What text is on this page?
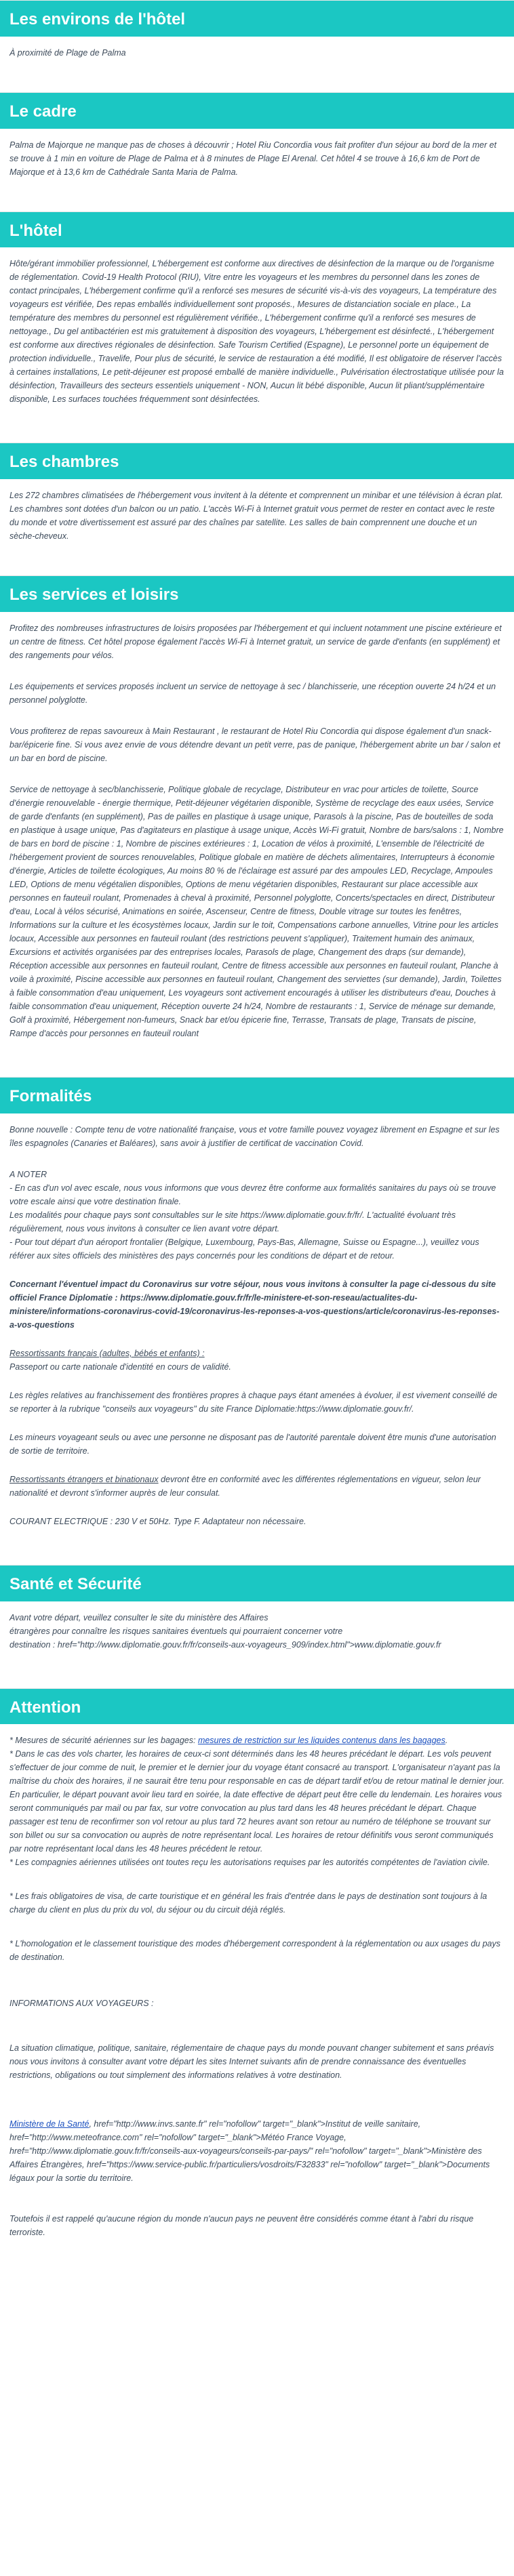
Les environs de l'hôtel

À proximité de Plage de Palma

Le cadre

Palma de Majorque ne manque pas de choses à découvrir ; Hotel Riu Concordia vous fait profiter d'un séjour au bord de la mer et se trouve à 1 min en voiture de Plage de Palma et à 8 minutes de Plage El Arenal. Cet hôtel 4 se trouve à 16,6 km de Port de Majorque et à 13,6 km de Cathédrale Santa Maria de Palma.

L'hôtel

Hôte/gérant immobilier professionnel, L'hébergement est conforme aux directives de désinfection de la marque ou de l'organisme de réglementation. Covid-19 Health Protocol (RIU), Vitre entre les voyageurs et les membres du personnel dans les zones de contact principales, L'hébergement confirme qu'il a renforcé ses mesures de sécurité vis-à-vis des voyageurs, La température des voyageurs est vérifiée, Des repas emballés individuellement sont proposés., Mesures de distanciation sociale en place., La température des membres du personnel est régulièrement vérifiée., L'hébergement confirme qu'il a renforcé ses mesures de nettoyage., Du gel antibactérien est mis gratuitement à disposition des voyageurs, L'hébergement est désinfecté., L'hébergement est conforme aux directives régionales de désinfection. Safe Tourism Certified (Espagne), Le personnel porte un équipement de protection individuelle., Travelife, Pour plus de sécurité, le service de restauration a été modifié, Il est obligatoire de réserver l'accès à certaines installations, Le petit-déjeuner est proposé emballé de manière individuelle., Pulvérisation électrostatique utilisée pour la désinfection, Travailleurs des secteurs essentiels uniquement - NON, Aucun lit bébé disponible, Aucun lit pliant/supplémentaire disponible, Les surfaces touchées fréquemment sont désinfectées.

Les chambres

Les 272 chambres climatisées de l'hébergement vous invitent à la détente et comprennent un minibar et une télévision à écran plat. Les chambres sont dotées d'un balcon ou un patio. L'accès Wi-Fi à Internet gratuit vous permet de rester en contact avec le reste du monde et votre divertissement est assuré par des chaînes par satellite. Les salles de bain comprennent une douche et un sèche-cheveux.

Les services et loisirs

Profitez des nombreuses infrastructures de loisirs proposées par l'hébergement et qui incluent notamment une piscine extérieure et un centre de fitness. Cet hôtel propose également l'accès Wi-Fi à Internet gratuit, un service de garde d'enfants (en supplément) et des rangements pour vélos.

Les équipements et services proposés incluent un service de nettoyage à sec / blanchisserie, une réception ouverte 24 h/24 et un personnel polyglotte.

Vous profiterez de repas savoureux à Main Restaurant , le restaurant de Hotel Riu Concordia qui dispose également d'un snack-bar/épicerie fine. Si vous avez envie de vous détendre devant un petit verre, pas de panique, l'hébergement abrite un bar / salon et un bar en bord de piscine.

Service de nettoyage à sec/blanchisserie, Politique globale de recyclage, Distributeur en vrac pour articles de toilette, Source d'énergie renouvelable - énergie thermique, Petit-déjeuner végétarien disponible, Système de recyclage des eaux usées, Service de garde d'enfants (en supplément), Pas de pailles en plastique à usage unique, Parasols à la piscine, Pas de bouteilles de soda en plastique à usage unique, Pas d'agitateurs en plastique à usage unique, Accès Wi-Fi gratuit, Nombre de bars/salons : 1, Nombre de bars en bord de piscine : 1, Nombre de piscines extérieures : 1, Location de vélos à proximité, L'ensemble de l'électricité de l'hébergement provient de sources renouvelables, Politique globale en matière de déchets alimentaires, Interrupteurs à économie d'énergie, Articles de toilette écologiques, Au moins 80 % de l'éclairage est assuré par des ampoules LED, Recyclage, Ampoules LED, Options de menu végétalien disponibles, Options de menu végétarien disponibles, Restaurant sur place accessible aux personnes en fauteuil roulant, Promenades à cheval à proximité, Personnel polyglotte, Concerts/spectacles en direct, Distributeur d'eau, Local à vélos sécurisé, Animations en soirée, Ascenseur, Centre de fitness, Double vitrage sur toutes les fenêtres, Informations sur la culture et les écosystèmes locaux, Jardin sur le toit, Compensations carbone annuelles, Vitrine pour les articles locaux, Accessible aux personnes en fauteuil roulant (des restrictions peuvent s'appliquer), Traitement humain des animaux, Excursions et activités organisées par des entreprises locales, Parasols de plage, Changement des draps (sur demande), Réception accessible aux personnes en fauteuil roulant, Centre de fitness accessible aux personnes en fauteuil roulant, Planche à voile à proximité, Piscine accessible aux personnes en fauteuil roulant, Changement des serviettes (sur demande), Jardin, Toilettes à faible consommation d'eau uniquement, Les voyageurs sont activement encouragés à utiliser les distributeurs d'eau, Douches à faible consommation d'eau uniquement, Réception ouverte 24 h/24, Nombre de restaurants : 1, Service de ménage sur demande, Golf à proximité, Hébergement non-fumeurs, Snack bar et/ou épicerie fine, Terrasse, Transats de plage, Transats de piscine, Rampe d'accès pour personnes en fauteuil roulant

Formalités

Bonne nouvelle : Compte tenu de votre nationalité française, vous et votre famille pouvez voyagez librement en Espagne et sur les îles espagnoles (Canaries et Baléares), sans avoir à justifier de certificat de vaccination Covid.

A NOTER

- En cas d'un vol avec escale, nous vous informons que vous devrez être conforme aux formalités sanitaires du pays où se trouve votre escale ainsi que votre destination finale.

Les modalités pour chaque pays sont consultables sur le site https://www.diplomatie.gouv.fr/fr/. L'actualité évoluant très régulièrement, nous vous invitons à consulter ce lien avant votre départ.

- Pour tout départ d'un aéroport frontalier (Belgique, Luxembourg, Pays-Bas, Allemagne, Suisse ou Espagne...), veuillez vous référer aux sites officiels des ministères des pays concernés pour les conditions de départ et de retour.

Concernant l'éventuel impact du Coronavirus sur votre séjour, nous vous invitons à consulter la page ci-dessous du site officiel France Diplomatie : https://www.diplomatie.gouv.fr/fr/le-ministere-et-son-reseau/actualites-du-ministere/informations-coronavirus-covid-19/coronavirus-les-reponses-a-vos-questions/article/coronavirus-les-reponses-a-vos-questions

Ressortissants français (adultes, bébés et enfants) :

Passeport ou carte nationale d'identité en cours de validité.

Les règles relatives au franchissement des frontières propres à chaque pays étant amenées à évoluer, il est vivement conseillé de se reporter à la rubrique "conseils aux voyageurs" du site France Diplomatie:https://www.diplomatie.gouv.fr/.

Les mineurs voyageant seuls ou avec une personne ne disposant pas de l'autorité parentale doivent être munis d'une autorisation de sortie de territoire.

Ressortissants étrangers et binationaux devront être en conformité avec les différentes réglementations en vigueur, selon leur nationalité et devront s'informer auprès de leur consulat.

COURANT ELECTRIQUE : 230 V et 50Hz. Type F. Adaptateur non nécessaire.

Santé et Sécurité

Avant votre départ, veuillez consulter le site du ministère des Affaires

étrangères pour connaître les risques sanitaires éventuels qui pourraient concerner votre

destination : href="http://www.diplomatie.gouv.fr/fr/conseils-aux-voyageurs_909/index.html">www.diplomatie.gouv.fr

Attention

* Mesures de sécurité aériennes sur les bagages: mesures de restriction sur les liquides contenus dans les bagages.

* Dans le cas des vols charter, les horaires de ceux-ci sont déterminés dans les 48 heures précédant le départ. Les vols peuvent s'effectuer de jour comme de nuit, le premier et le dernier jour du voyage étant consacré au transport. L'organisateur n'ayant pas la maîtrise du choix des horaires, il ne saurait être tenu pour responsable en cas de départ tardif et/ou de retour matinal le dernier jour. En particulier, le départ pouvant avoir lieu tard en soirée, la date effective de départ peut être celle du lendemain. Les horaires vous seront communiqués par mail ou par fax, sur votre convocation au plus tard dans les 48 heures précédant le départ. Chaque passager est tenu de reconfirmer son vol retour au plus tard 72 heures avant son retour au numéro de téléphone se trouvant sur son billet ou sur sa convocation ou auprès de notre représentant local. Les horaires de retour définitifs vous seront communiqués par notre représentant local dans les 48 heures précédent le retour.

* Les compagnies aériennes utilisées ont toutes reçu les autorisations requises par les autorités compétentes de l'aviation civile.

* Les frais obligatoires de visa, de carte touristique et en général les frais d'entrée dans le pays de destination sont toujours à la charge du client en plus du prix du vol, du séjour ou du circuit déjà réglés.

* L'homologation et le classement touristique des modes d'hébergement correspondent à la réglementation ou aux usages du pays de destination.

INFORMATIONS AUX VOYAGEURS :

La situation climatique, politique, sanitaire, réglementaire de chaque pays du monde pouvant changer subitement et sans préavis

nous vous invitons à consulter avant votre départ les sites Internet suivants afin de prendre connaissance des éventuelles restrictions, obligations ou tout simplement des informations relatives à votre destination.

Ministère de la Santé, href="http://www.invs.sante.fr" rel="nofollow" target="_blank">Institut de veille sanitaire, href="http://www.meteofrance.com" rel="nofollow" target="_blank">Météo France Voyage, href="http://www.diplomatie.gouv.fr/fr/conseils-aux-voyageurs/conseils-par-pays/" rel="nofollow" target="_blank">Ministère des Affaires Étrangères, href="https://www.service-public.fr/particuliers/vosdroits/F32833" rel="nofollow" target="_blank">Documents légaux pour la sortie du territoire.

Toutefois il est rappelé qu'aucune région du monde n'aucun pays ne peuvent être considérés comme étant à l'abri du risque terroriste.
